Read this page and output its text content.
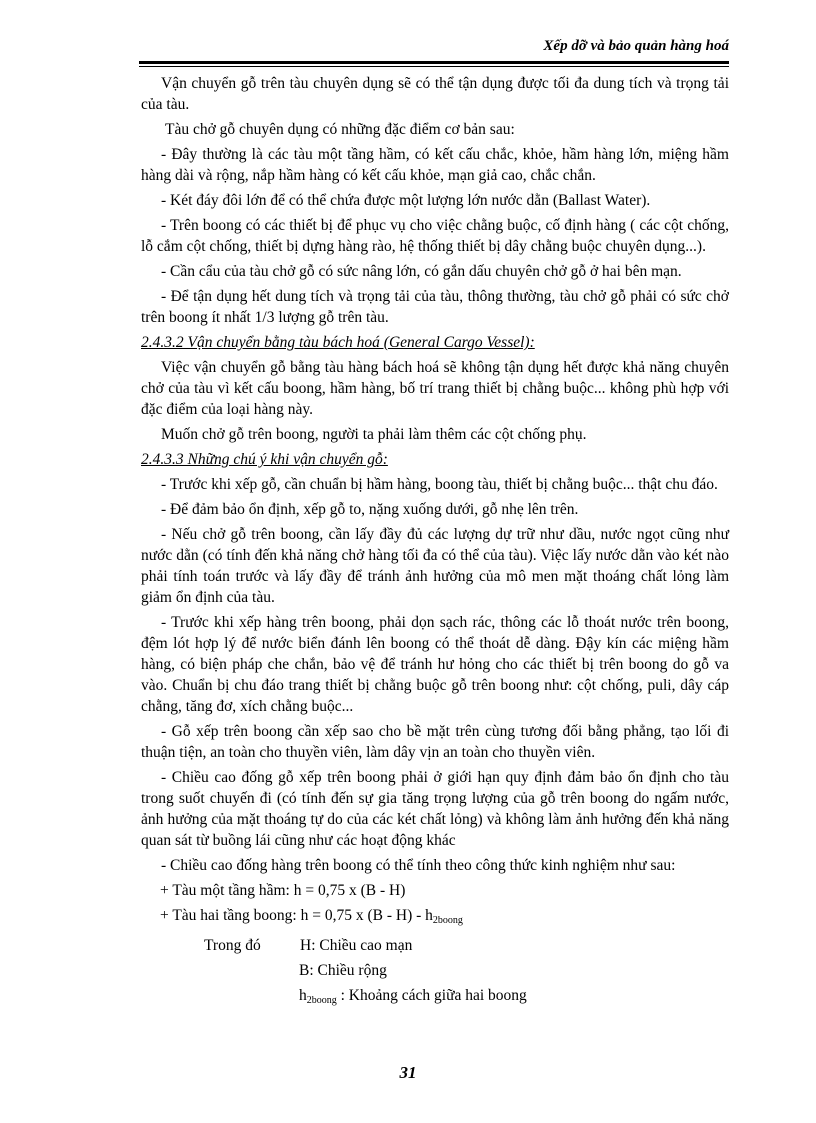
Xếp dỡ và bảo quản hàng hoá

Vận chuyển gỗ trên tàu chuyên dụng sẽ có thể tận dụng được tối đa dung tích và trọng tải của tàu.

Tàu chở gỗ chuyên dụng có những đặc điểm cơ bản sau:

- Đây thường là các tàu một tầng hầm, có kết cấu chắc, khỏe, hầm hàng lớn, miệng hầm hàng dài và rộng, nắp hầm hàng có kết cấu khỏe, mạn giả cao, chắc chắn.

- Két đáy đôi lớn để có thể chứa được một lượng lớn nước dằn (Ballast Water).

- Trên boong có các thiết bị để phục vụ cho việc chằng buộc, cố định hàng ( các cột chống, lỗ cắm cột chống, thiết bị dựng hàng rào, hệ thống thiết bị dây chằng buộc chuyên dụng...).

- Cần cẩu của tàu chở gỗ có sức nâng lớn, có gắn dấu chuyên chở gỗ ở hai bên mạn.

- Để tận dụng hết dung tích và trọng tải của tàu, thông thường, tàu chở gỗ phải có sức chở trên boong ít nhất 1/3 lượng gỗ trên tàu.

2.4.3.2 Vận chuyển bằng tàu bách hoá (General Cargo Vessel):

Việc vận chuyển gỗ bằng tàu hàng bách hoá sẽ không tận dụng hết được khả năng chuyên chở của tàu vì kết cấu boong, hầm hàng, bố trí trang thiết bị chằng buộc... không phù hợp với đặc điểm của loại hàng này.

Muốn chở gỗ trên boong, người ta phải làm thêm các cột chống phụ.

2.4.3.3 Những chú ý khi vận chuyển gỗ:

- Trước khi xếp gỗ, cần chuẩn bị hầm hàng, boong tàu, thiết bị chằng buộc... thật chu đáo.

- Để đảm bảo ổn định, xếp gỗ to, nặng xuống dưới, gỗ nhẹ lên trên.

- Nếu chở gỗ trên boong, cần lấy đầy đủ các lượng dự trữ như dầu, nước ngọt cũng như nước dằn (có tính đến khả năng chở hàng tối đa có thể của tàu). Việc lấy nước dằn vào két nào phải tính toán trước và lấy đầy để tránh ảnh hưởng của mô men mặt thoáng chất lỏng làm giảm ổn định của tàu.

- Trước khi xếp hàng trên boong, phải dọn sạch rác, thông các lỗ thoát nước trên boong, đệm lót hợp lý để nước biển đánh lên boong có thể thoát dễ dàng. Đậy kín các miệng hầm hàng, có biện pháp che chắn, bảo vệ để tránh hư hỏng cho các thiết bị trên boong do gỗ va vào. Chuẩn bị chu đáo trang thiết bị chằng buộc gỗ trên boong như: cột chống, puli, dây cáp chằng, tăng đơ, xích chằng buộc...

- Gỗ xếp trên boong cần xếp sao cho bề mặt trên cùng tương đối bằng phẳng, tạo lối đi thuận tiện, an toàn cho thuyền viên, làm dây vịn an toàn cho thuyền viên.

- Chiều cao đống gỗ xếp trên boong phải ở giới hạn quy định đảm bảo ổn định cho tàu trong suốt chuyến đi (có tính đến sự gia tăng trọng lượng của gỗ trên boong do ngấm nước, ảnh hưởng của mặt thoáng tự do của các két chất lỏng) và không làm ảnh hưởng đến khả năng quan sát từ buồng lái cũng như các hoạt động khác

- Chiều cao đống hàng trên boong có thể tính theo công thức kinh nghiệm như sau:

+ Tàu một tầng hầm: h = 0,75 x (B - H)

+ Tàu hai tầng boong: h = 0,75 x $(B - H) - h_{2boong}$

Trong đó	H: Chiều cao mạn

B: Chiều rộng

$h_{2boong}$ : Khoảng cách giữa hai boong

31
